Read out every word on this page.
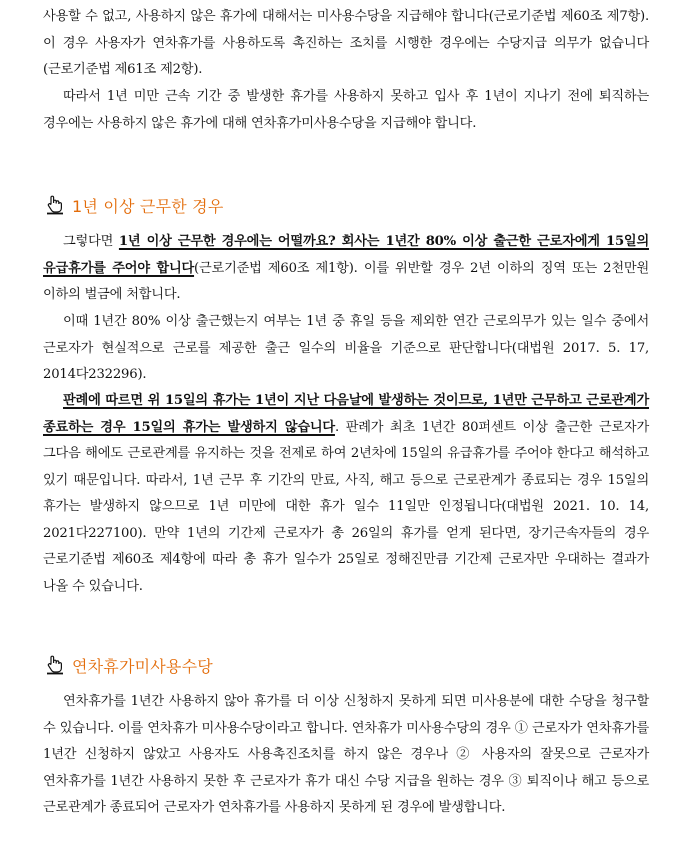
사용할 수 없고, 사용하지 않은 휴가에 대해서는 미사용수당을 지급해야 합니다(근로기준법 제60조 제7항). 이 경우 사용자가 연차휴가를 사용하도록 촉진하는 조치를 시행한 경우에는 수당지급 의무가 없습니다(근로기준법 제61조 제2항).

따라서 1년 미만 근속 기간 중 발생한 휴가를 사용하지 못하고 입사 후 1년이 지나기 전에 퇴직하는 경우에는 사용하지 않은 휴가에 대해 연차휴가미사용수당을 지급해야 합니다.

1년 이상 근무한 경우

그렇다면 1년 이상 근무한 경우에는 어떨까요? 회사는 1년간 80% 이상 출근한 근로자에게 15일의 유급휴가를 주어야 합니다(근로기준법 제60조 제1항). 이를 위반할 경우 2년 이하의 징역 또는 2천만원 이하의 벌금에 처합니다.

이때 1년간 80% 이상 출근했는지 여부는 1년 중 휴일 등을 제외한 연간 근로의무가 있는 일수 중에서 근로자가 현실적으로 근로를 제공한 출근 일수의 비율을 기준으로 판단합니다(대법원 2017. 5. 17, 2014다232296).

판례에 따르면 위 15일의 휴가는 1년이 지난 다음날에 발생하는 것이므로, 1년만 근무하고 근로관계가 종료하는 경우 15일의 휴가는 발생하지 않습니다. 판례가 최초 1년간 80퍼센트 이상 출근한 근로자가 그다음 해에도 근로관계를 유지하는 것을 전제로 하여 2년차에 15일의 유급휴가를 주어야 한다고 해석하고 있기 때문입니다. 따라서, 1년 근무 후 기간의 만료, 사직, 해고 등으로 근로관계가 종료되는 경우 15일의 휴가는 발생하지 않으므로 1년 미만에 대한 휴가 일수 11일만 인정됩니다(대법원 2021. 10. 14, 2021다227100). 만약 1년의 기간제 근로자가 총 26일의 휴가를 얻게 된다면, 장기근속자들의 경우 근로기준법 제60조 제4항에 따라 총 휴가 일수가 25일로 정해진만큼 기간제 근로자만 우대하는 결과가 나올 수 있습니다.

연차휴가미사용수당

연차휴가를 1년간 사용하지 않아 휴가를 더 이상 신청하지 못하게 되면 미사용분에 대한 수당을 청구할 수 있습니다. 이를 연차휴가 미사용수당이라고 합니다. 연차휴가 미사용수당의 경우 ① 근로자가 연차휴가를 1년간 신청하지 않았고 사용자도 사용촉진조치를 하지 않은 경우나 ② 사용자의 잘못으로 근로자가 연차휴가를 1년간 사용하지 못한 후 근로자가 휴가 대신 수당 지급을 원하는 경우 ③ 퇴직이나 해고 등으로 근로관계가 종료되어 근로자가 연차휴가를 사용하지 못하게 된 경우에 발생합니다.
